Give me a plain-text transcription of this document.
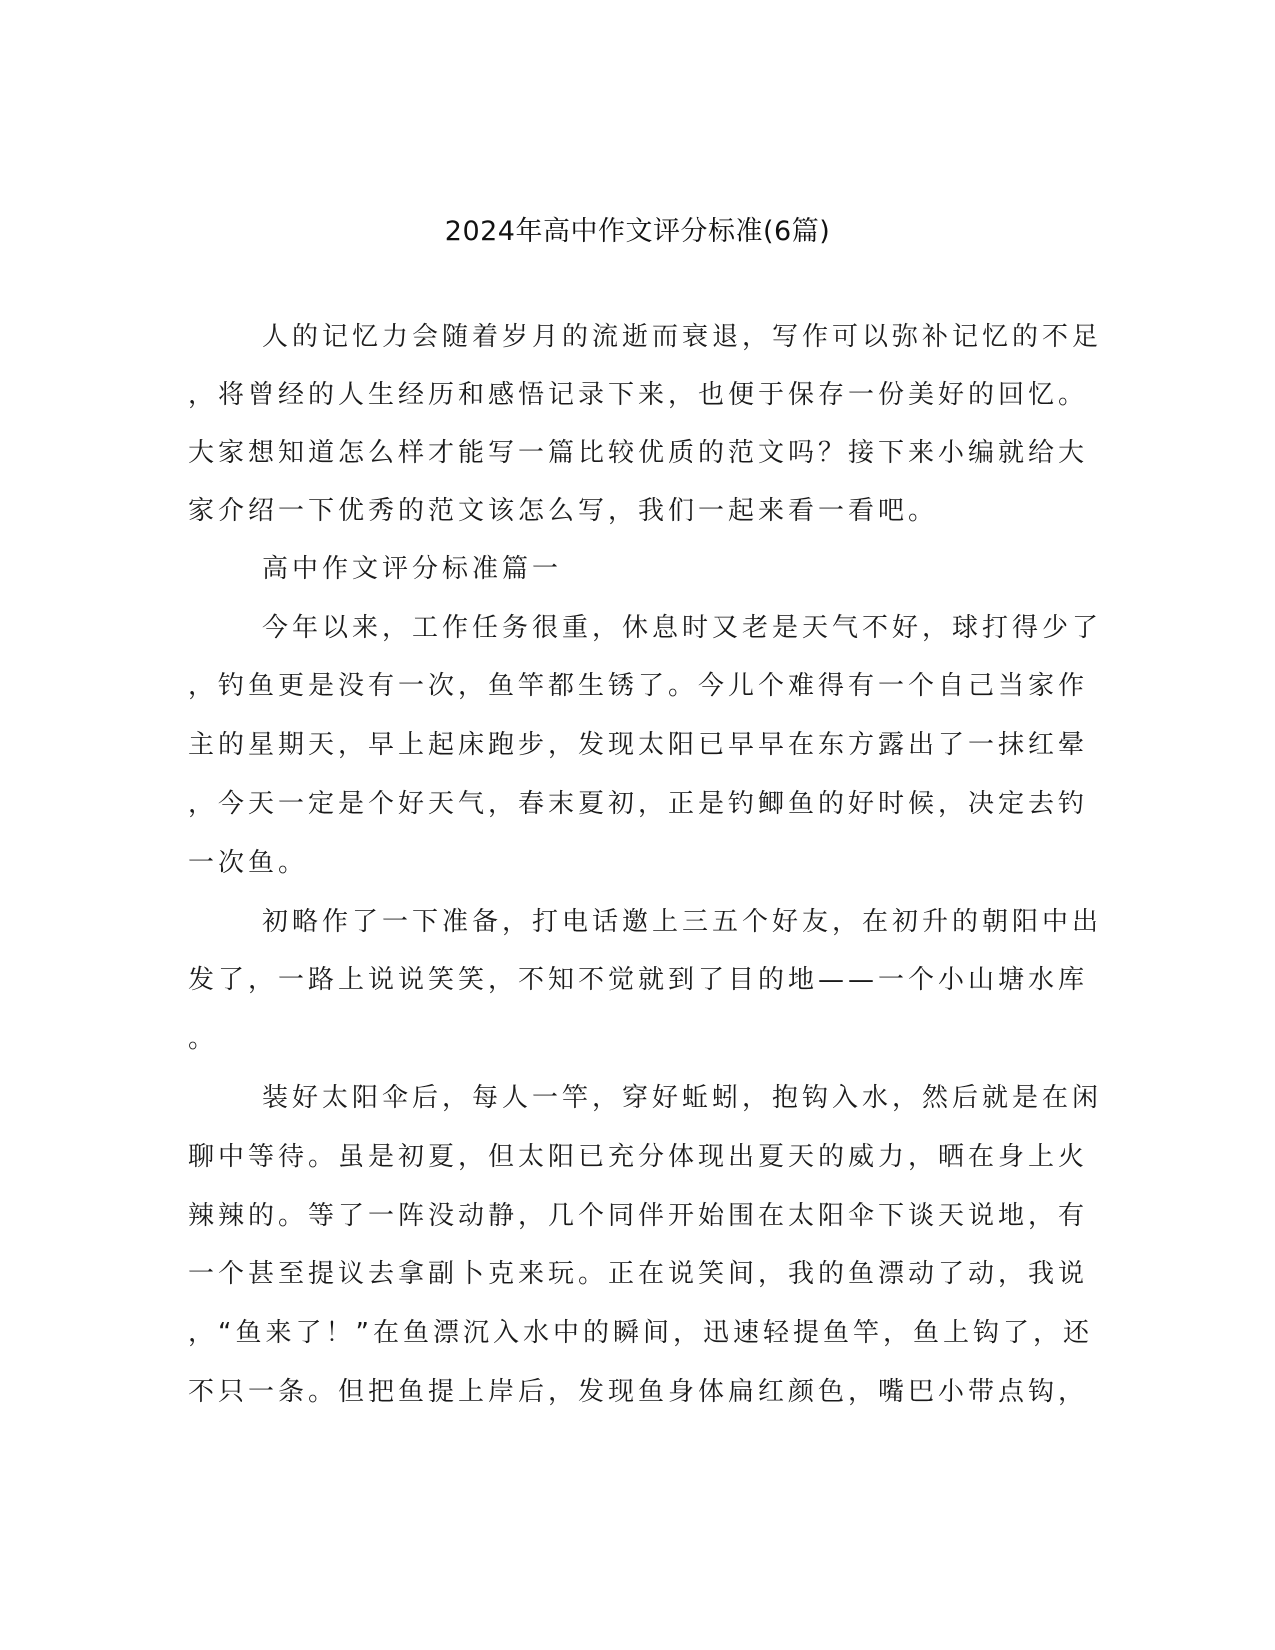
2024年高中作文评分标准(6篇)
人的记忆力会随着岁月的流逝而衰退，写作可以弥补记忆的不足
，将曾经的人生经历和感悟记录下来，也便于保存一份美好的回忆。
大家想知道怎么样才能写一篇比较优质的范文吗？接下来小编就给大
家介绍一下优秀的范文该怎么写，我们一起来看一看吧。
高中作文评分标准篇一
今年以来，工作任务很重，休息时又老是天气不好，球打得少了
，钓鱼更是没有一次，鱼竿都生锈了。今儿个难得有一个自己当家作
主的星期天，早上起床跑步，发现太阳已早早在东方露出了一抹红晕
，今天一定是个好天气，春末夏初，正是钓鲫鱼的好时候，决定去钓
一次鱼。
初略作了一下准备，打电话邀上三五个好友，在初升的朝阳中出
发了，一路上说说笑笑，不知不觉就到了目的地——一个小山塘水库
。
装好太阳伞后，每人一竿，穿好蚯蚓，抱钩入水，然后就是在闲
聊中等待。虽是初夏，但太阳已充分体现出夏天的威力，晒在身上火
辣辣的。等了一阵没动静，几个同伴开始围在太阳伞下谈天说地，有
一个甚至提议去拿副卜克来玩。正在说笑间，我的鱼漂动了动，我说
，“鱼来了！”在鱼漂沉入水中的瞬间，迅速轻提鱼竿，鱼上钩了，还
不只一条。但把鱼提上岸后，发现鱼身体扁红颜色，嘴巴小带点钩，
